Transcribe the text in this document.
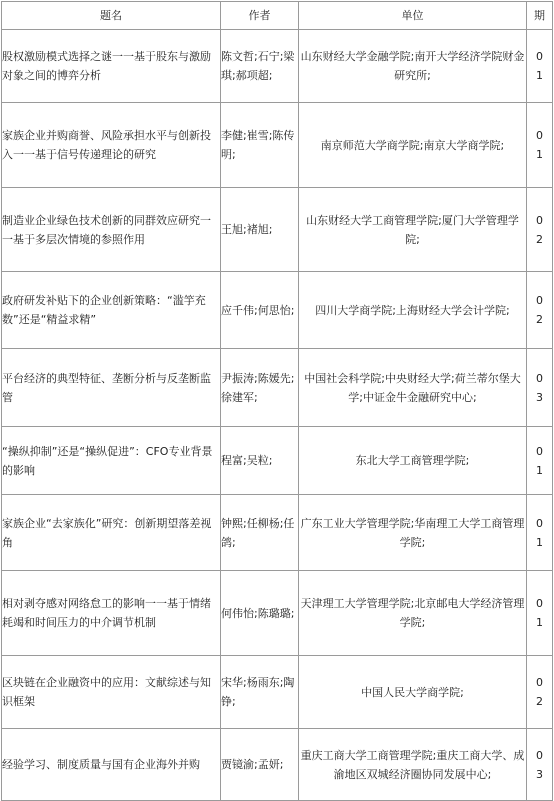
题名	作者	单位	期
股权激励模式选择之谜一一基于股东与激励对象之间的博弈分析	陈文哲;石宁;梁琪;郝项超;	山东财经大学金融学院;南开大学经济学院财金研究所;	01

家族企业并购商誉、风险承担水平与创新投入一一基于信号传递理论的研究	李健;崔雪;陈传明;	南京师范大学商学院;南京大学商学院;	01

制造业企业绿色技术创新的同群效应研究一一基于多层次情境的参照作用	王旭;褚旭;	山东财经大学工商管理学院;厦门大学管理学院;	02

政府研发补贴下的企业创新策略：“滥竽充数”还是“精益求精”	应千伟;何思怡;	四川大学商学院;上海财经大学会计学院;	02

平台经济的典型特征、垄断分析与反垄断监管	尹振涛;陈媛先;徐建军;	中国社会科学院;中央财经大学;荷兰蒂尔堡大学;中证金牛金融研究中心;	03

“操纵抑制”还是“操纵促进”：CFO专业背景的影响	程富;吴粒;	东北大学工商管理学院;	01

家族企业“去家族化”研究：创新期望落差视角	钟熙;任柳杨;任鸽;	广东工业大学管理学院;华南理工大学工商管理学院;	01

相对剥夺感对网络怠工的影响一一基于情绪耗竭和时间压力的中介调节机制	何伟怡;陈璐璐;	天津理工大学管理学院;北京邮电大学经济管理学院;	01

区块链在企业融资中的应用：文献综述与知识框架	宋华;杨雨东;陶铮;	中国人民大学商学院;	02

经验学习、制度质量与国有企业海外并购	贾镜渝;孟妍;	重庆工商大学工商管理学院;重庆工商大学、成渝地区双城经济圈协同发展中心;	03
